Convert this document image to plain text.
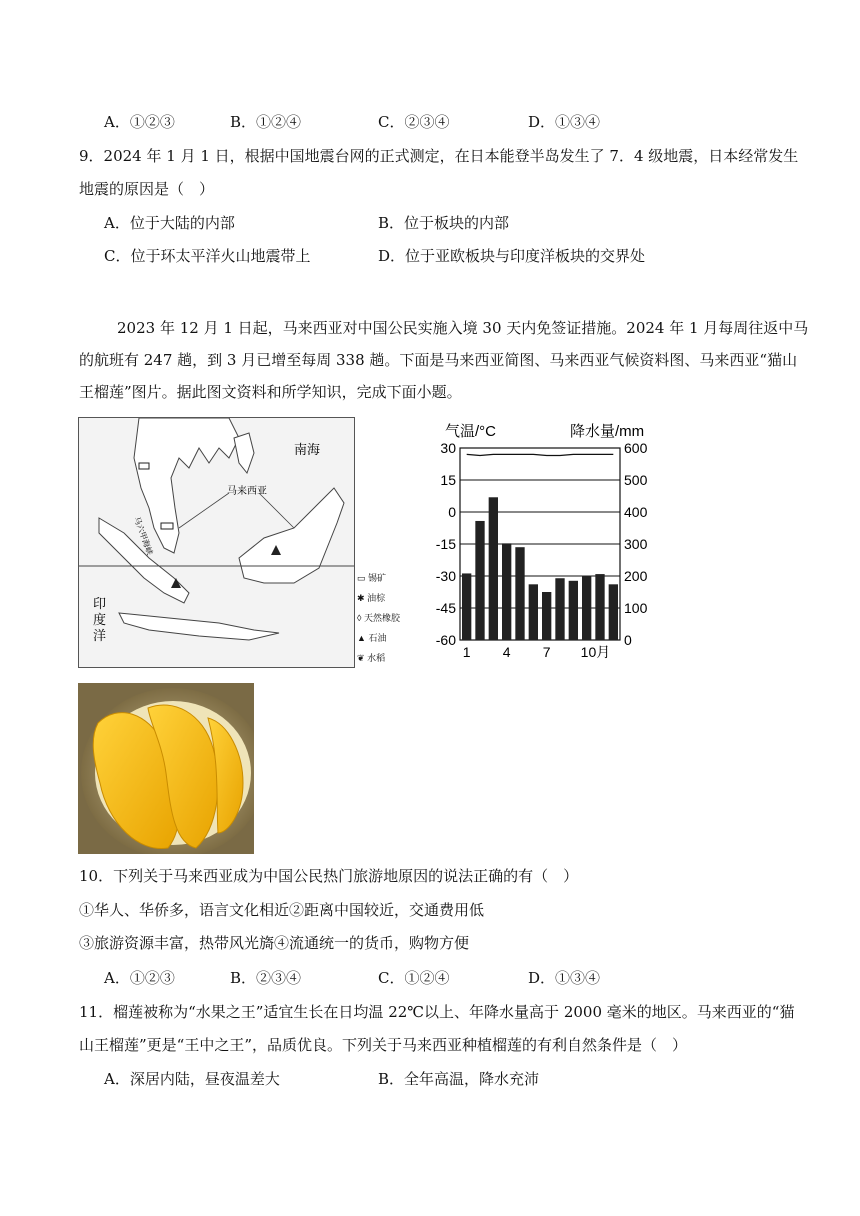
A．①②③	B．①②④	C．②③④	D．①③④
9．2024 年 1 月 1 日，根据中国地震台网的正式测定，在日本能登半岛发生了 7．4 级地震，日本经常发生
地震的原因是（　）
A．位于大陆的内部	B．位于板块的内部
C．位于环太平洋火山地震带上	D．位于亚欧板块与印度洋板块的交界处
2023 年 12 月 1 日起，马来西亚对中国公民实施入境 30 天内免签证措施。2024 年 1 月每周往返中马
的航班有 247 趟，到 3 月已增至每周 338 趟。下面是马来西亚简图、马来西亚气候资料图、马来西亚“猫山
王榴莲”图片。据此图文资料和所学知识，完成下面小题。
马来西亚
南海
马六甲海峡
印
度
洋
▭ 锡矿
✱ 油棕
◊ 天然橡胶
▲ 石油
❦ 水稻
气温/°C	降水量/mm
30	600
15	500
0	400
-15	300
-30	200
-45	100
-60	0
1 4 7 10月
10．下列关于马来西亚成为中国公民热门旅游地原因的说法正确的有（　）
①华人、华侨多，语言文化相近②距离中国较近，交通费用低
③旅游资源丰富，热带风光旖④流通统一的货币，购物方便
A．①②③	B．②③④	C．①②④	D．①③④
11．榴莲被称为“水果之王”适宜生长在日均温 22℃以上、年降水量高于 2000 毫米的地区。马来西亚的“猫
山王榴莲”更是“王中之王”，品质优良。下列关于马来西亚种植榴莲的有利自然条件是（　）
A．深居内陆，昼夜温差大	B．全年高温，降水充沛
